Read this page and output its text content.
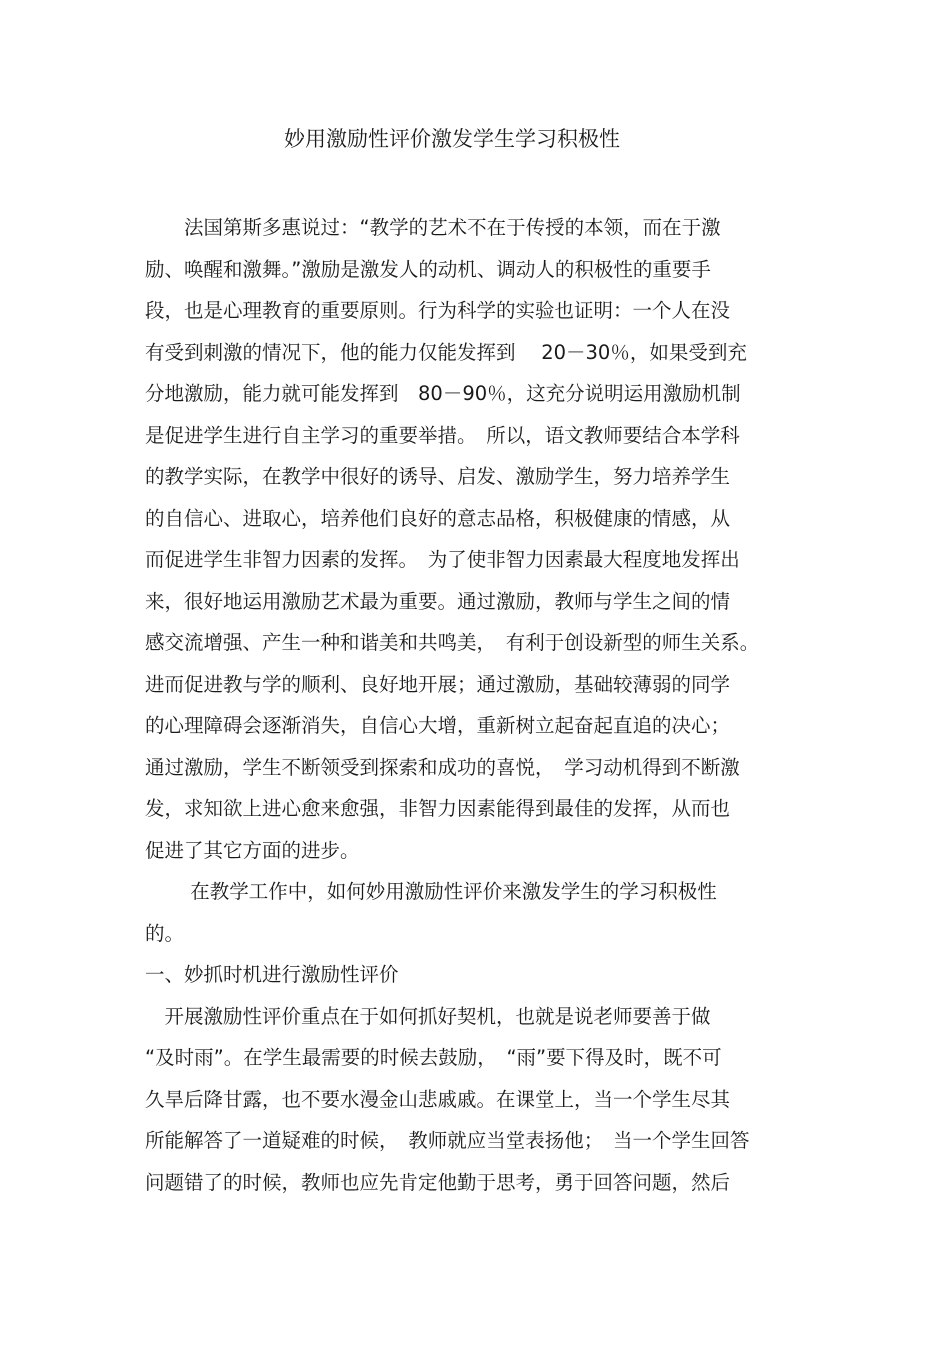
妙用激励性评价激发学生学习积极性
　　法国第斯多惠说过：“教学的艺术不在于传授的本领，而在于激
励、唤醒和激舞。”激励是激发人的动机、调动人的积极性的重要手
段，也是心理教育的重要原则。行为科学的实验也证明：一个人在没
有受到刺激的情况下，他的能力仅能发挥到　 20－30％，如果受到充
分地激励，能力就可能发挥到　80－90％，这充分说明运用激励机制
是促进学生进行自主学习的重要举措。　所以，语文教师要结合本学科
的教学实际，在教学中很好的诱导、启发、激励学生，努力培养学生
的自信心、进取心，培养他们良好的意志品格，积极健康的情感，从
而促进学生非智力因素的发挥。　为了使非智力因素最大程度地发挥出
来，很好地运用激励艺术最为重要。通过激励，教师与学生之间的情
感交流增强、产生一种和谐美和共鸣美，　有利于创设新型的师生关系。
进而促进教与学的顺利、良好地开展；通过激励，基础较薄弱的同学
的心理障碍会逐渐消失，自信心大增，重新树立起奋起直追的决心；
通过激励，学生不断领受到探索和成功的喜悦，　学习动机得到不断激
发，求知欲上进心愈来愈强，非智力因素能得到最佳的发挥，从而也
促进了其它方面的进步。
　　 在教学工作中，如何妙用激励性评价来激发学生的学习积极性
的。
一、妙抓时机进行激励性评价
　开展激励性评价重点在于如何抓好契机，也就是说老师要善于做
“及时雨”。在学生最需要的时候去鼓励，　“雨”要下得及时，既不可
久旱后降甘露，也不要水漫金山悲戚戚。在课堂上，当一个学生尽其
所能解答了一道疑难的时候，　教师就应当堂表扬他；　当一个学生回答
问题错了的时候，教师也应先肯定他勤于思考，勇于回答问题，然后
